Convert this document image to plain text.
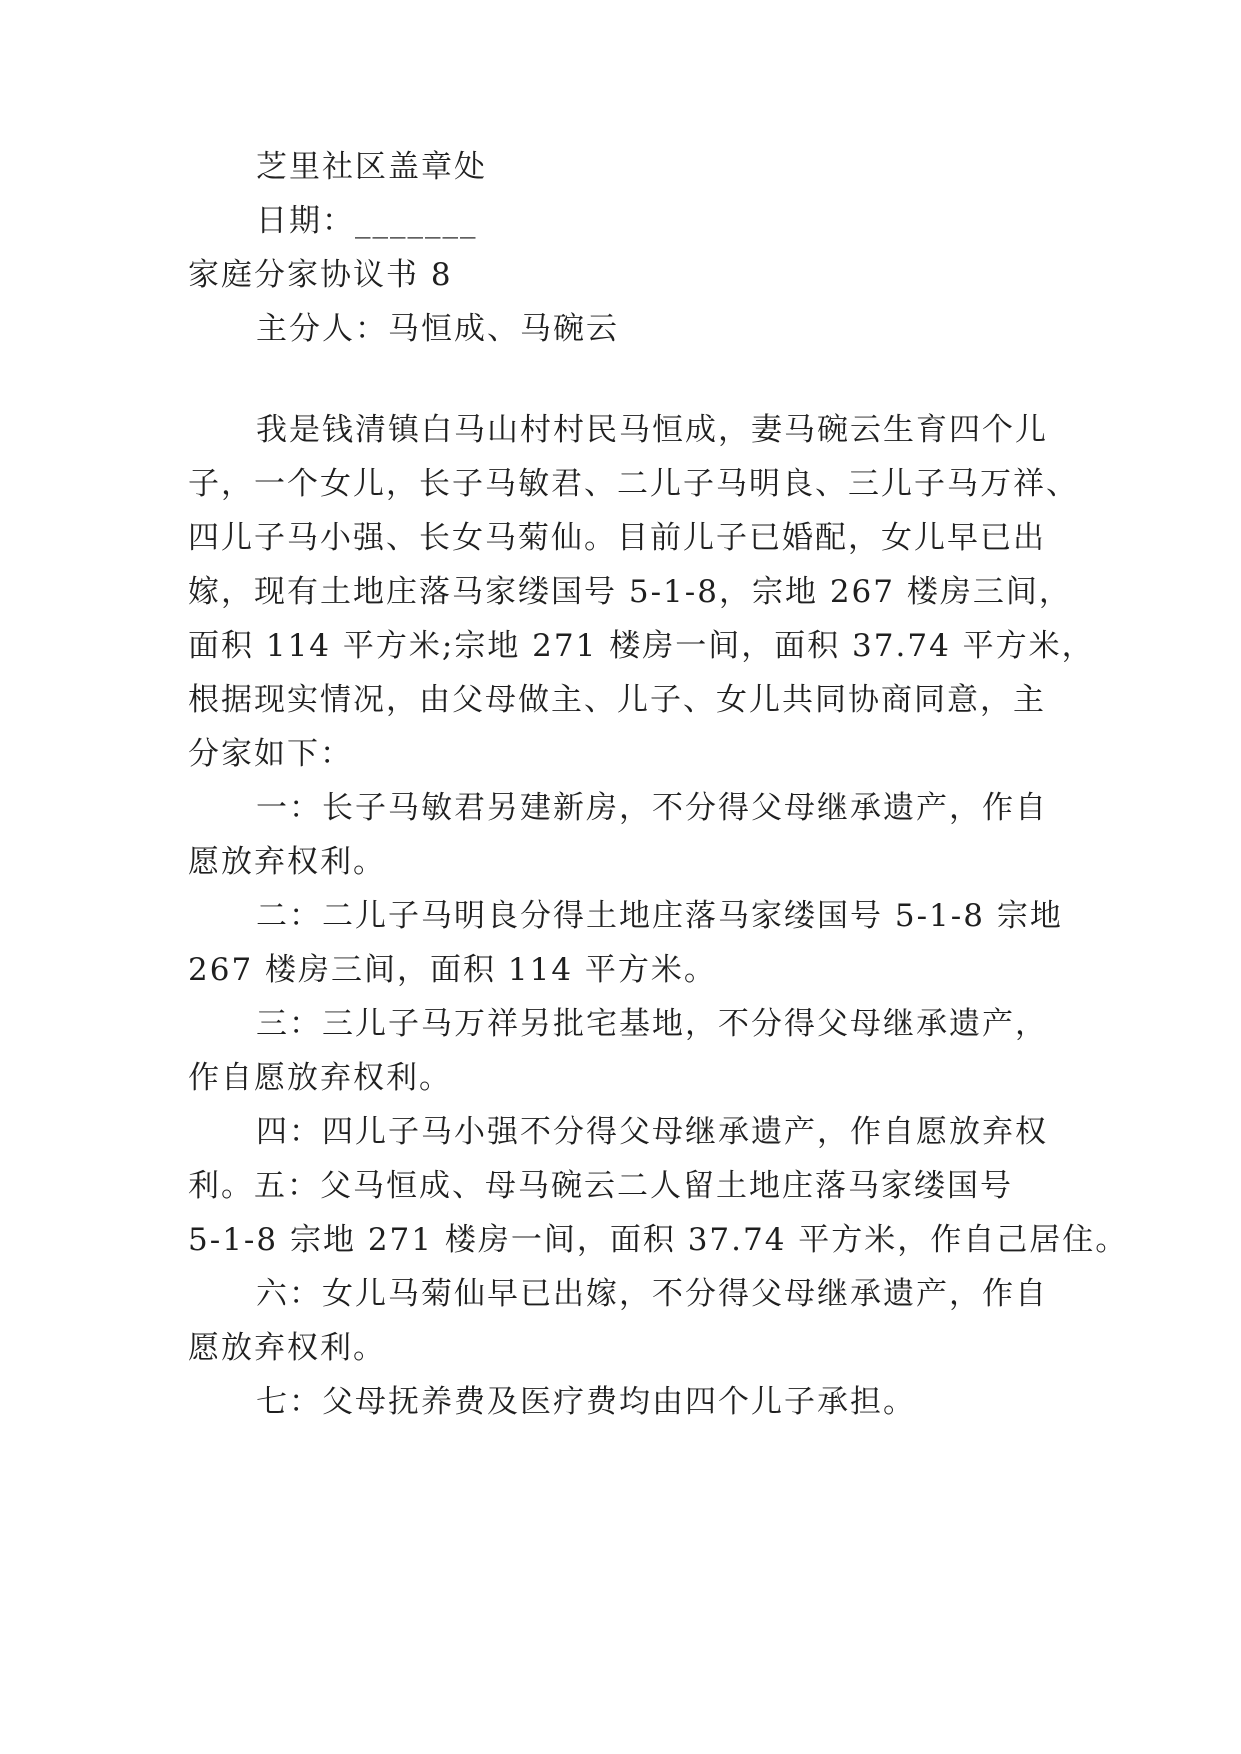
芝里社区盖章处
日期：_______
家庭分家协议书 8
主分人：马恒成、马碗云
我是钱清镇白马山村村民马恒成，妻马碗云生育四个儿
子，一个女儿，长子马敏君、二儿子马明良、三儿子马万祥、
四儿子马小强、长女马菊仙。目前儿子已婚配，女儿早已出
嫁，现有土地庄落马家缕国号 5-1-8，宗地 267 楼房三间，
面积 114 平方米;宗地 271 楼房一间，面积 37.74 平方米，
根据现实情况，由父母做主、儿子、女儿共同协商同意，主
分家如下：
一：长子马敏君另建新房，不分得父母继承遗产，作自
愿放弃权利。
二：二儿子马明良分得土地庄落马家缕国号 5-1-8 宗地
267 楼房三间，面积 114 平方米。
三：三儿子马万祥另批宅基地，不分得父母继承遗产，
作自愿放弃权利。
四：四儿子马小强不分得父母继承遗产，作自愿放弃权
利。五：父马恒成、母马碗云二人留土地庄落马家缕国号
5-1-8 宗地 271 楼房一间，面积 37.74 平方米，作自己居住。
六：女儿马菊仙早已出嫁，不分得父母继承遗产，作自
愿放弃权利。
七：父母抚养费及医疗费均由四个儿子承担。
